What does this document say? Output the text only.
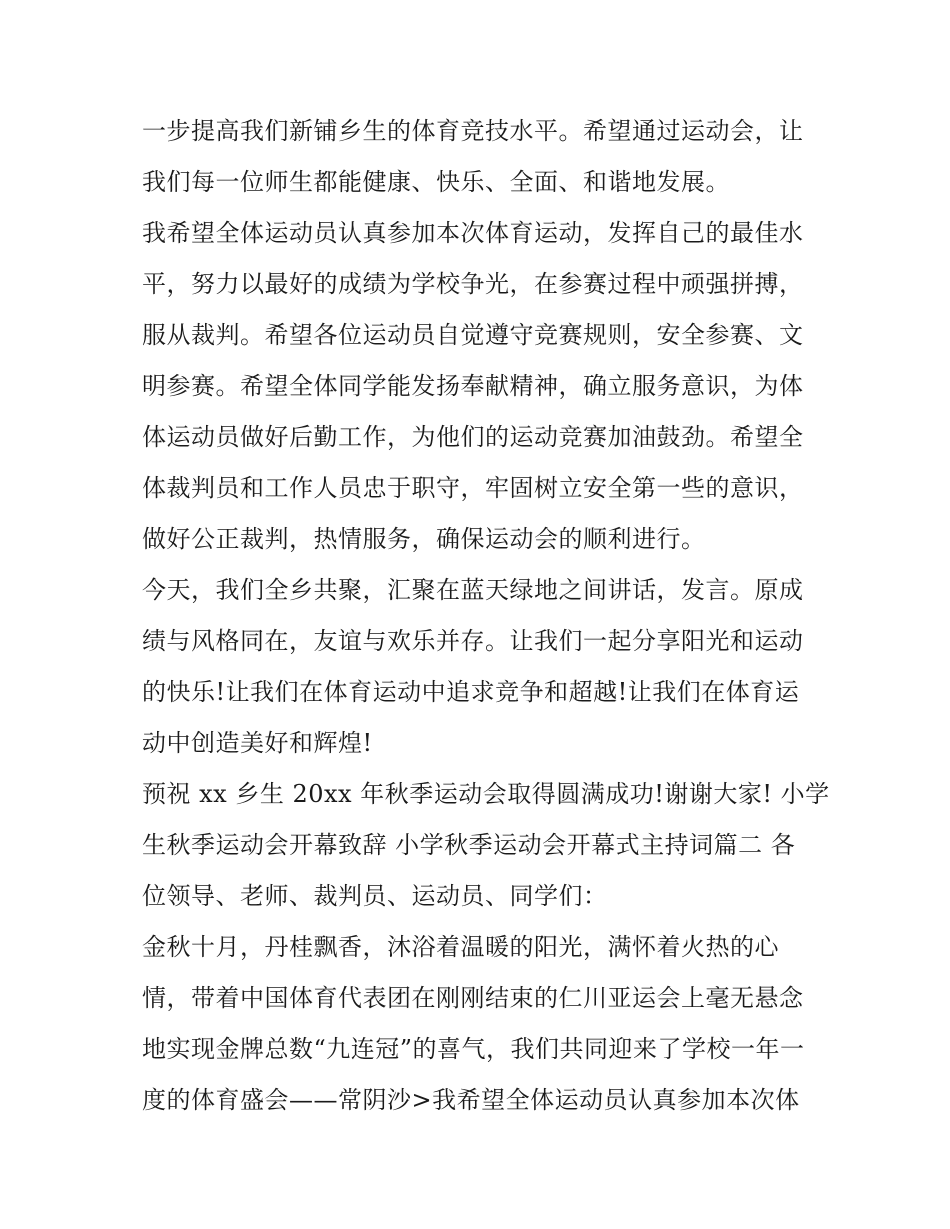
一步提高我们新铺乡生的体育竞技水平。希望通过运动会，让
我们每一位师生都能健康、快乐、全面、和谐地发展。
我希望全体运动员认真参加本次体育运动，发挥自己的最佳水
平，努力以最好的成绩为学校争光，在参赛过程中顽强拼搏，
服从裁判。希望各位运动员自觉遵守竞赛规则，安全参赛、文
明参赛。希望全体同学能发扬奉献精神，确立服务意识，为体
体运动员做好后勤工作，为他们的运动竞赛加油鼓劲。希望全
体裁判员和工作人员忠于职守，牢固树立安全第一些的意识，
做好公正裁判，热情服务，确保运动会的顺利进行。
今天，我们全乡共聚，汇聚在蓝天绿地之间讲话，发言。原成
绩与风格同在，友谊与欢乐并存。让我们一起分享阳光和运动
的快乐!让我们在体育运动中追求竞争和超越!让我们在体育运
动中创造美好和辉煌!
预祝 xx 乡生 20xx 年秋季运动会取得圆满成功!谢谢大家! 小学
生秋季运动会开幕致辞 小学秋季运动会开幕式主持词篇二 各
位领导、老师、裁判员、运动员、同学们：
金秋十月，丹桂飘香，沐浴着温暖的阳光，满怀着火热的心
情，带着中国体育代表团在刚刚结束的仁川亚运会上毫无悬念
地实现金牌总数“九连冠”的喜气，我们共同迎来了学校一年一
度的体育盛会——常阴沙>我希望全体运动员认真参加本次体
